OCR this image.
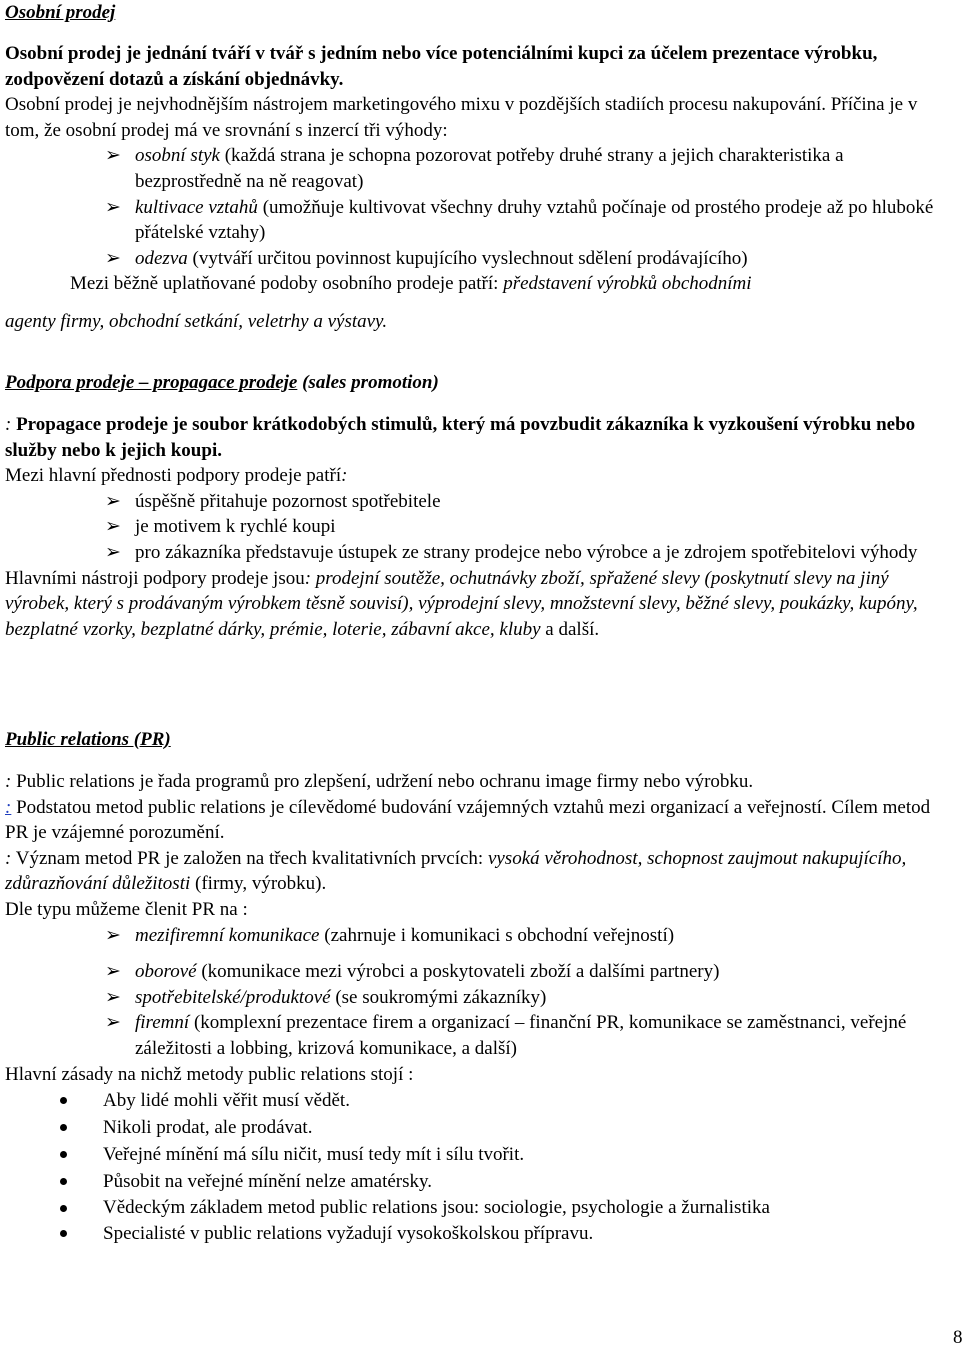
Osobní prodej

Osobní prodej je jednání tváří v tvář s jedním nebo více potenciálními kupci za účelem prezentace výrobku, zodpovězení dotazů a získání objednávky.

Osobní prodej je nejvhodnějším nástrojem marketingového mixu v pozdějších stadiích procesu nakupování. Příčina je v tom, že osobní prodej má ve srovnání s inzercí tři výhody:

➢ osobní styk (každá strana je schopna pozorovat potřeby druhé strany a jejich charakteristika a bezprostředně na ně reagovat)
➢ kultivace vztahů (umožňuje kultivovat všechny druhy vztahů počínaje od prostého prodeje až po hluboké přátelské vztahy)
➢ odezva (vytváří určitou povinnost kupujícího vyslechnout sdělení prodávajícího)

Mezi běžně uplatňované podoby osobního prodeje patří: představení výrobků obchodními

agenty firmy, obchodní setkání, veletrhy a výstavy.

Podpora prodeje – propagace prodeje (sales promotion)

: Propagace prodeje je soubor krátkodobých stimulů, který má povzbudit zákazníka k vyzkoušení výrobku nebo služby nebo k jejich koupi.

Mezi hlavní přednosti podpory prodeje patří:

➢ úspěšně přitahuje pozornost spotřebitele
➢ je motivem k rychlé koupi
➢ pro zákazníka představuje ústupek ze strany prodejce nebo výrobce a je zdrojem spotřebitelovi výhody

Hlavními nástroji podpory prodeje jsou: prodejní soutěže, ochutnávky zboží, spřažené slevy (poskytnutí slevy na jiný výrobek, který s prodávaným výrobkem těsně souvisí), výprodejní slevy, množstevní slevy, běžné slevy, poukázky, kupóny, bezplatné vzorky, bezplatné dárky, prémie, loterie, zábavní akce, kluby a další.

Public relations (PR)

: Public relations je řada programů pro zlepšení, udržení nebo ochranu image firmy nebo výrobku.

: Podstatou metod public relations je cílevědomé budování vzájemných vztahů mezi organizací a veřejností. Cílem metod PR je vzájemné porozumění.

: Význam metod PR je založen na třech kvalitativních prvcích: vysoká věrohodnost, schopnost zaujmout nakupujícího, zdůrazňování důležitosti (firmy, výrobku).

Dle typu můžeme členit PR na :

➢ mezifiremní komunikace (zahrnuje i komunikaci s obchodní veřejností)
➢ oborové (komunikace mezi výrobci a poskytovateli zboží a dalšími partnery)
➢ spotřebitelské/produktové (se soukromými zákazníky)
➢ firemní (komplexní prezentace firem a organizací – finanční PR, komunikace se zaměstnanci, veřejné záležitosti a lobbing, krizová komunikace, a další)

Hlavní zásady na nichž metody public relations stojí :

Aby lidé mohli věřit musí vědět.
Nikoli prodat, ale prodávat.
Veřejné mínění má sílu ničit, musí tedy mít i sílu tvořit.
Působit na veřejné mínění nelze amatérsky.
Vědeckým základem metod public relations jsou: sociologie, psychologie a žurnalistika
Specialisté v public relations vyžadují vysokoškolskou přípravu.
8
